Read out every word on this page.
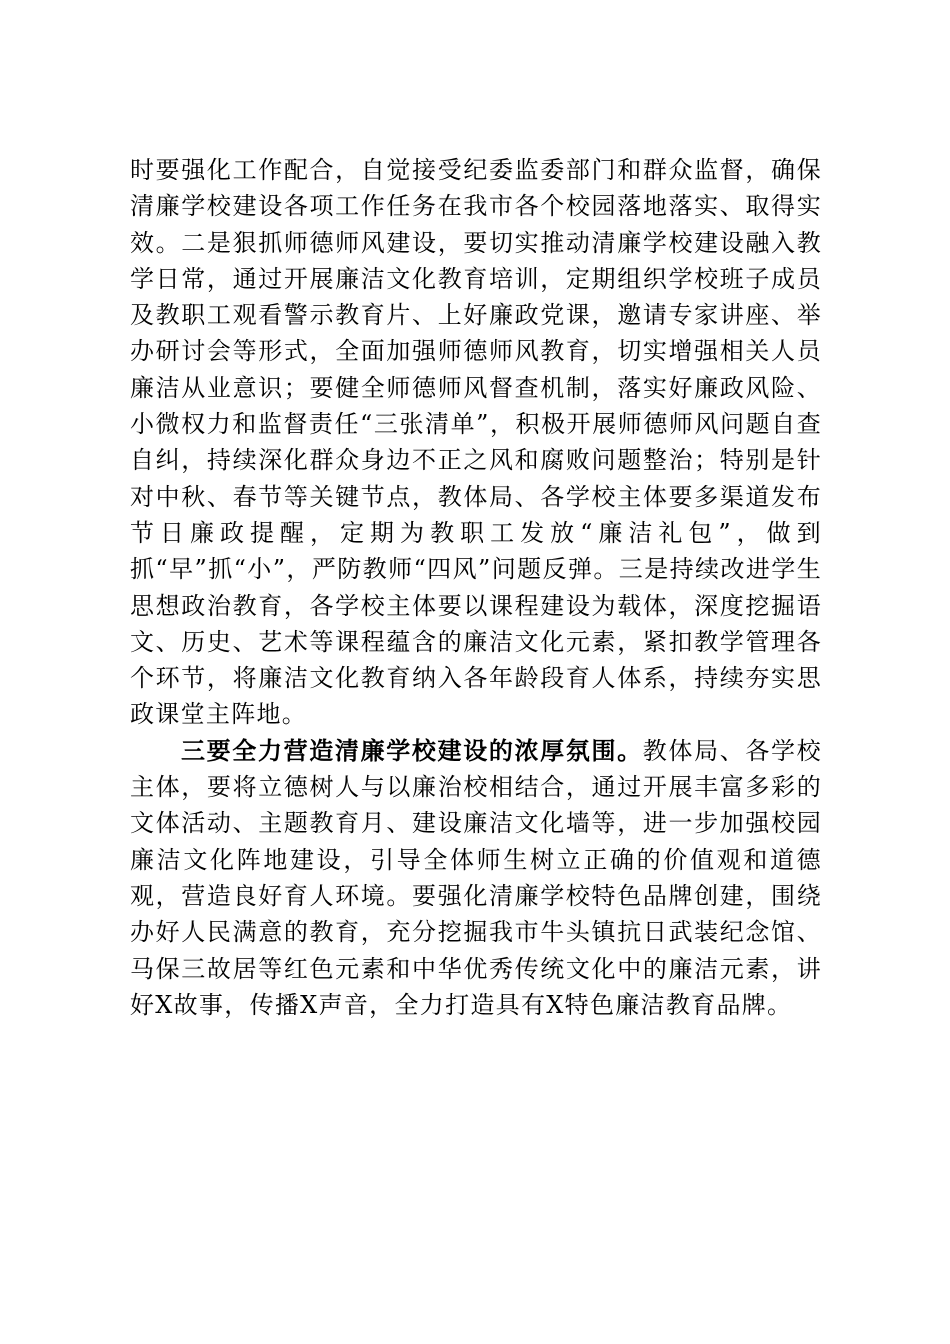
时要强化工作配合，自觉接受纪委监委部门和群众监督，确保清廉学校建设各项工作任务在我市各个校园落地落实、取得实效。二是狠抓师德师风建设，要切实推动清廉学校建设融入教学日常，通过开展廉洁文化教育培训，定期组织学校班子成员及教职工观看警示教育片、上好廉政党课，邀请专家讲座、举办研讨会等形式，全面加强师德师风教育，切实增强相关人员廉洁从业意识；要健全师德师风督查机制，落实好廉政风险、小微权力和监督责任“三张清单”，积极开展师德师风问题自查自纠，持续深化群众身边不正之风和腐败问题整治；特别是针对中秋、春节等关键节点，教体局、各学校主体要多渠道发布节日廉政提醒，定期为教职工发放“廉洁礼包”，做到抓“早”抓“小”，严防教师“四风”问题反弹。三是持续改进学生思想政治教育，各学校主体要以课程建设为载体，深度挖掘语文、历史、艺术等课程蕴含的廉洁文化元素，紧扣教学管理各个环节，将廉洁文化教育纳入各年龄段育人体系，持续夯实思政课堂主阵地。

三要全力营造清廉学校建设的浓厚氛围。教体局、各学校主体，要将立德树人与以廉治校相结合，通过开展丰富多彩的文体活动、主题教育月、建设廉洁文化墙等，进一步加强校园廉洁文化阵地建设，引导全体师生树立正确的价值观和道德观，营造良好育人环境。要强化清廉学校特色品牌创建，围绕办好人民满意的教育，充分挖掘我市牛头镇抗日武装纪念馆、马保三故居等红色元素和中华优秀传统文化中的廉洁元素，讲好X故事，传播X声音，全力打造具有X特色廉洁教育品牌。
